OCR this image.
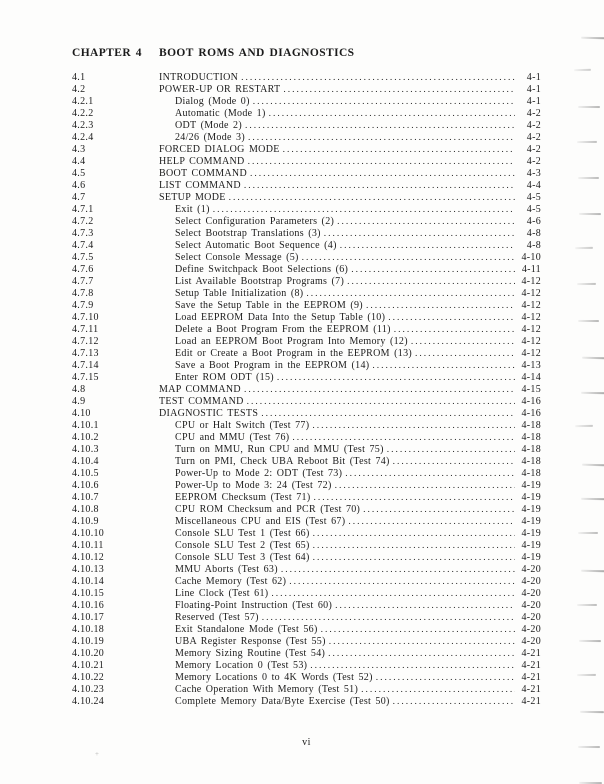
CHAPTER 4	BOOT ROMS AND DIAGNOSTICS
4.1	INTRODUCTION .....	4-1
4.2	POWER-UP OR RESTART .....	4-1
4.2.1	Dialog (Mode 0) .....	4-1
4.2.2	Automatic (Mode 1) .....	4-2
4.2.3	ODT (Mode 2) .....	4-2
4.2.4	24/26 (Mode 3) .....	4-2
4.3	FORCED DIALOG MODE .....	4-2
4.4	HELP COMMAND .....	4-2
4.5	BOOT COMMAND .....	4-3
4.6	LIST COMMAND .....	4-4
4.7	SETUP MODE .....	4-5
4.7.1	Exit (1) .....	4-5
4.7.2	Select Configuration Parameters (2) .....	4-6
4.7.3	Select Bootstrap Translations (3) .....	4-8
4.7.4	Select Automatic Boot Sequence (4) .....	4-8
4.7.5	Select Console Message (5) .....	4-10
4.7.6	Define Switchpack Boot Selections (6) .....	4-11
4.7.7	List Available Bootstrap Programs (7) .....	4-12
4.7.8	Setup Table Initialization (8) .....	4-12
4.7.9	Save the Setup Table in the EEPROM (9) .....	4-12
4.7.10	Load EEPROM Data Into the Setup Table (10) .....	4-12
4.7.11	Delete a Boot Program From the EEPROM (11) .....	4-12
4.7.12	Load an EEPROM Boot Program Into Memory (12) .....	4-12
4.7.13	Edit or Create a Boot Program in the EEPROM (13) .....	4-12
4.7.14	Save a Boot Program in the EEPROM (14) .....	4-13
4.7.15	Enter ROM ODT (15) .....	4-14
4.8	MAP COMMAND .....	4-15
4.9	TEST COMMAND .....	4-16
4.10	DIAGNOSTIC TESTS .....	4-16
4.10.1	CPU or Halt Switch (Test 77) .....	4-18
4.10.2	CPU and MMU (Test 76) .....	4-18
4.10.3	Turn on MMU, Run CPU and MMU (Test 75) .....	4-18
4.10.4	Turn on PMI, Check UBA Reboot Bit (Test 74) .....	4-18
4.10.5	Power-Up to Mode 2: ODT (Test 73) .....	4-18
4.10.6	Power-Up to Mode 3: 24 (Test 72) .....	4-19
4.10.7	EEPROM Checksum (Test 71) .....	4-19
4.10.8	CPU ROM Checksum and PCR (Test 70) .....	4-19
4.10.9	Miscellaneous CPU and EIS (Test 67) .....	4-19
4.10.10	Console SLU Test 1 (Test 66) .....	4-19
4.10.11	Console SLU Test 2 (Test 65) .....	4-19
4.10.12	Console SLU Test 3 (Test 64) .....	4-19
4.10.13	MMU Aborts (Test 63) .....	4-20
4.10.14	Cache Memory (Test 62) .....	4-20
4.10.15	Line Clock (Test 61) .....	4-20
4.10.16	Floating-Point Instruction (Test 60) .....	4-20
4.10.17	Reserved (Test 57) .....	4-20
4.10.18	Exit Standalone Mode (Test 56) .....	4-20
4.10.19	UBA Register Response (Test 55) .....	4-20
4.10.20	Memory Sizing Routine (Test 54) .....	4-21
4.10.21	Memory Location 0 (Test 53) .....	4-21
4.10.22	Memory Locations 0 to 4K Words (Test 52) .....	4-21
4.10.23	Cache Operation With Memory (Test 51) .....	4-21
4.10.24	Complete Memory Data/Byte Exercise (Test 50) .....	4-21
vi
+
